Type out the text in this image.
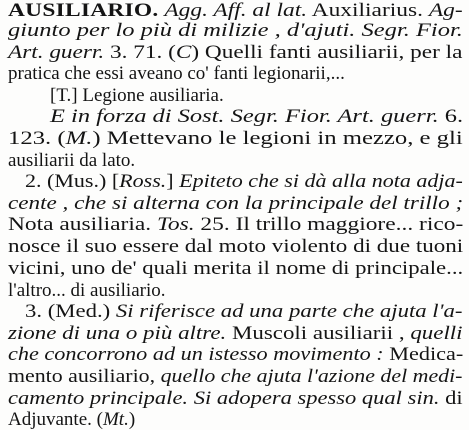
AUSILIARIO. Agg. Aff. al lat. Auxiliarius. Ag-
giunto per lo più di milizie , d'ajuti. Segr. Fior.
Art. guerr. 3. 71. (C) Quelli fanti ausiliarii, per la
pratica che essi aveano co' fanti legionarii,...
[T.] Legione ausiliaria.
E in forza di Sost. Segr. Fior. Art. guerr. 6.
123. (M.) Mettevano le legioni in mezzo, e gli
ausiliarii da lato.
2. (Mus.) [Ross.] Epiteto che si dà alla nota adja-
cente , che si alterna con la principale del trillo ;
Nota ausiliaria. Tos. 25. Il trillo maggiore... rico-
nosce il suo essere dal moto violento di due tuoni
vicini, uno de' quali merita il nome di principale...
l'altro... di ausiliario.
3. (Med.) Si riferisce ad una parte che ajuta l'a-
zione di una o più altre. Muscoli ausiliarii , quelli
che concorrono ad un istesso movimento : Medica-
mento ausiliario, quello che ajuta l'azione del medi-
camento principale. Si adopera spesso qual sin. di
Adjuvante. (Mt.)
